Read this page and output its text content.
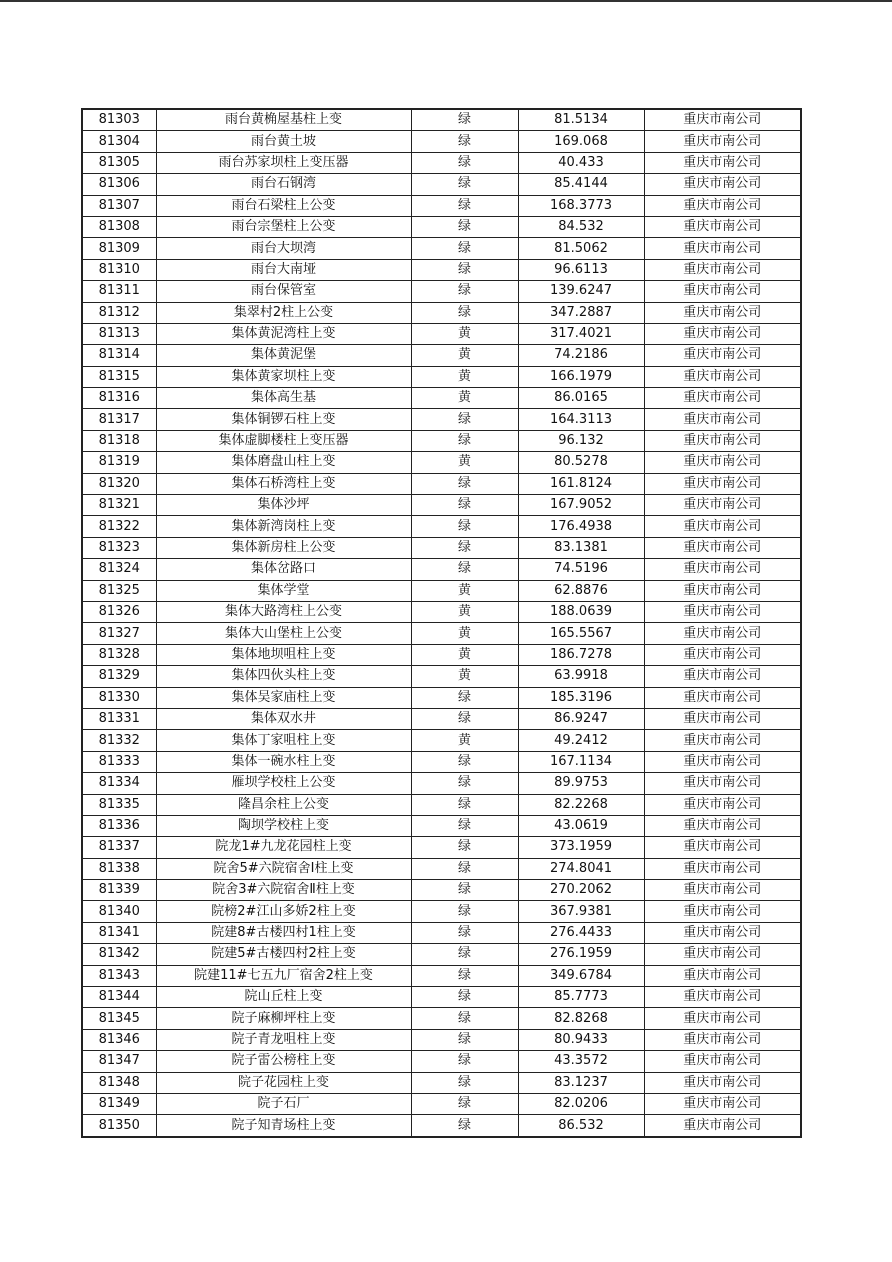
81303	雨台黄桷屋基柱上变	绿	81.5134	重庆市南公司
81304	雨台黄土坡	绿	169.068	重庆市南公司
81305	雨台苏家坝柱上变压器	绿	40.433	重庆市南公司
81306	雨台石钢湾	绿	85.4144	重庆市南公司
81307	雨台石梁柱上公变	绿	168.3773	重庆市南公司
81308	雨台宗堡柱上公变	绿	84.532	重庆市南公司
81309	雨台大坝湾	绿	81.5062	重庆市南公司
81310	雨台大南垭	绿	96.6113	重庆市南公司
81311	雨台保管室	绿	139.6247	重庆市南公司
81312	集翠村2柱上公变	绿	347.2887	重庆市南公司
81313	集体黄泥湾柱上变	黄	317.4021	重庆市南公司
81314	集体黄泥堡	黄	74.2186	重庆市南公司
81315	集体黄家坝柱上变	黄	166.1979	重庆市南公司
81316	集体高生基	黄	86.0165	重庆市南公司
81317	集体铜锣石柱上变	绿	164.3113	重庆市南公司
81318	集体虚脚楼柱上变压器	绿	96.132	重庆市南公司
81319	集体磨盘山柱上变	黄	80.5278	重庆市南公司
81320	集体石桥湾柱上变	绿	161.8124	重庆市南公司
81321	集体沙坪	绿	167.9052	重庆市南公司
81322	集体新湾岗柱上变	绿	176.4938	重庆市南公司
81323	集体新房柱上公变	绿	83.1381	重庆市南公司
81324	集体岔路口	绿	74.5196	重庆市南公司
81325	集体学堂	黄	62.8876	重庆市南公司
81326	集体大路湾柱上公变	黄	188.0639	重庆市南公司
81327	集体大山堡柱上公变	黄	165.5567	重庆市南公司
81328	集体地坝咀柱上变	黄	186.7278	重庆市南公司
81329	集体四伙头柱上变	黄	63.9918	重庆市南公司
81330	集体吴家庙柱上变	绿	185.3196	重庆市南公司
81331	集体双水井	绿	86.9247	重庆市南公司
81332	集体丁家咀柱上变	黄	49.2412	重庆市南公司
81333	集体一碗水柱上变	绿	167.1134	重庆市南公司
81334	雁坝学校柱上公变	绿	89.9753	重庆市南公司
81335	隆昌余柱上公变	绿	82.2268	重庆市南公司
81336	陶坝学校柱上变	绿	43.0619	重庆市南公司
81337	院龙1#九龙花园柱上变	绿	373.1959	重庆市南公司
81338	院舍5#六院宿舍Ⅰ柱上变	绿	274.8041	重庆市南公司
81339	院舍3#六院宿舍Ⅱ柱上变	绿	270.2062	重庆市南公司
81340	院榜2#江山多娇2柱上变	绿	367.9381	重庆市南公司
81341	院建8#古楼四村1柱上变	绿	276.4433	重庆市南公司
81342	院建5#古楼四村2柱上变	绿	276.1959	重庆市南公司
81343	院建11#七五九厂宿舍2柱上变	绿	349.6784	重庆市南公司
81344	院山丘柱上变	绿	85.7773	重庆市南公司
81345	院子麻柳坪柱上变	绿	82.8268	重庆市南公司
81346	院子青龙咀柱上变	绿	80.9433	重庆市南公司
81347	院子雷公榜柱上变	绿	43.3572	重庆市南公司
81348	院子花园柱上变	绿	83.1237	重庆市南公司
81349	院子石厂	绿	82.0206	重庆市南公司
81350	院子知青场柱上变	绿	86.532	重庆市南公司
